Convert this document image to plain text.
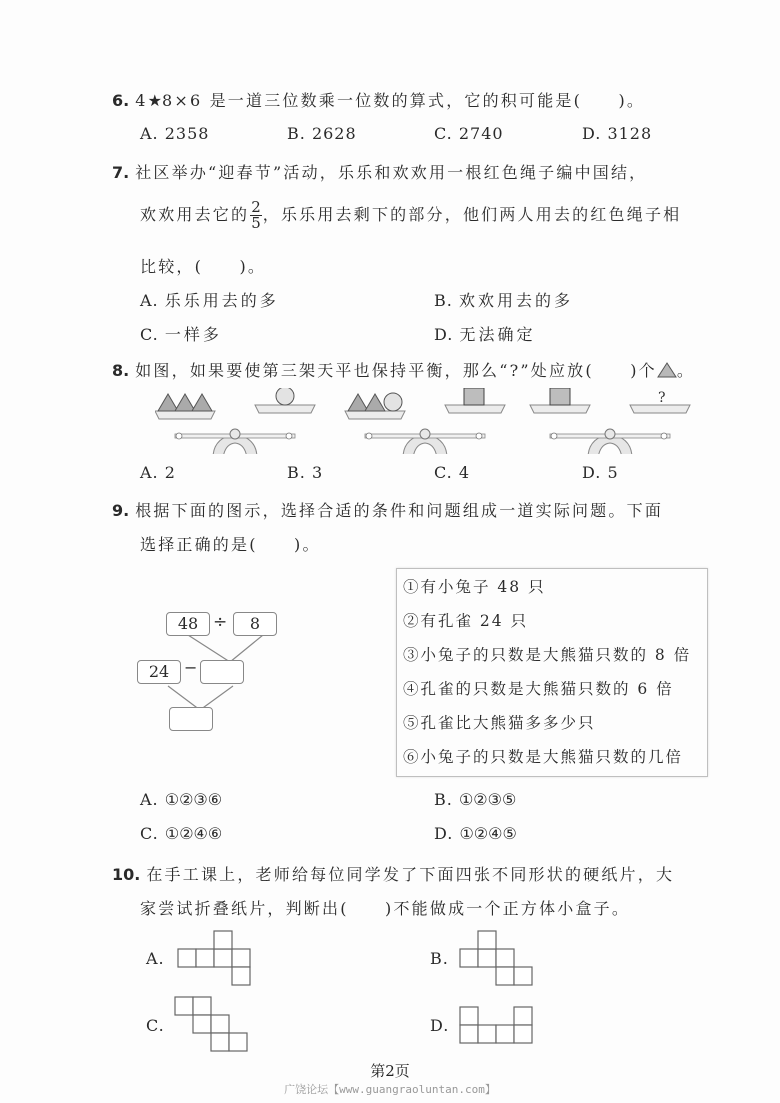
6. 4★8×6 是一道三位数乘一位数的算式，它的积可能是(　　)。
A. 2358	B. 2628	C. 2740	D. 3128
7. 社区举办“迎春节”活动，乐乐和欢欢用一根红色绳子编中国结，
欢欢用去它的 $\frac{2}{5}$ ，乐乐用去剩下的部分，他们两人用去的红色绳子相
比较，(　　)。
A. 乐乐用去的多	B. 欢欢用去的多
C. 一样多	D. 无法确定
8. 如图，如果要使第三架天平也保持平衡，那么“?”处应放(　　)个 。
?
A. 2	B. 3	C. 4	D. 5
9. 根据下面的图示，选择合适的条件和问题组成一道实际问题。下面
选择正确的是(　　)。
48 ÷	8
24 −
①有小兔子 48 只
②有孔雀 24 只
③小兔子的只数是大熊猫只数的 8 倍
④孔雀的只数是大熊猫只数的 6 倍
⑤孔雀比大熊猫多多少只
⑥小兔子的只数是大熊猫只数的几倍
A. ①②③⑥	B. ①②③⑤
C. ①②④⑥	D. ①②④⑤
10. 在手工课上，老师给每位同学发了下面四张不同形状的硬纸片，大
家尝试折叠纸片，判断出(　　)不能做成一个正方体小盒子。
A.	B.
C.	D.
第2页
广饶论坛【www.guangraoluntan.com】
